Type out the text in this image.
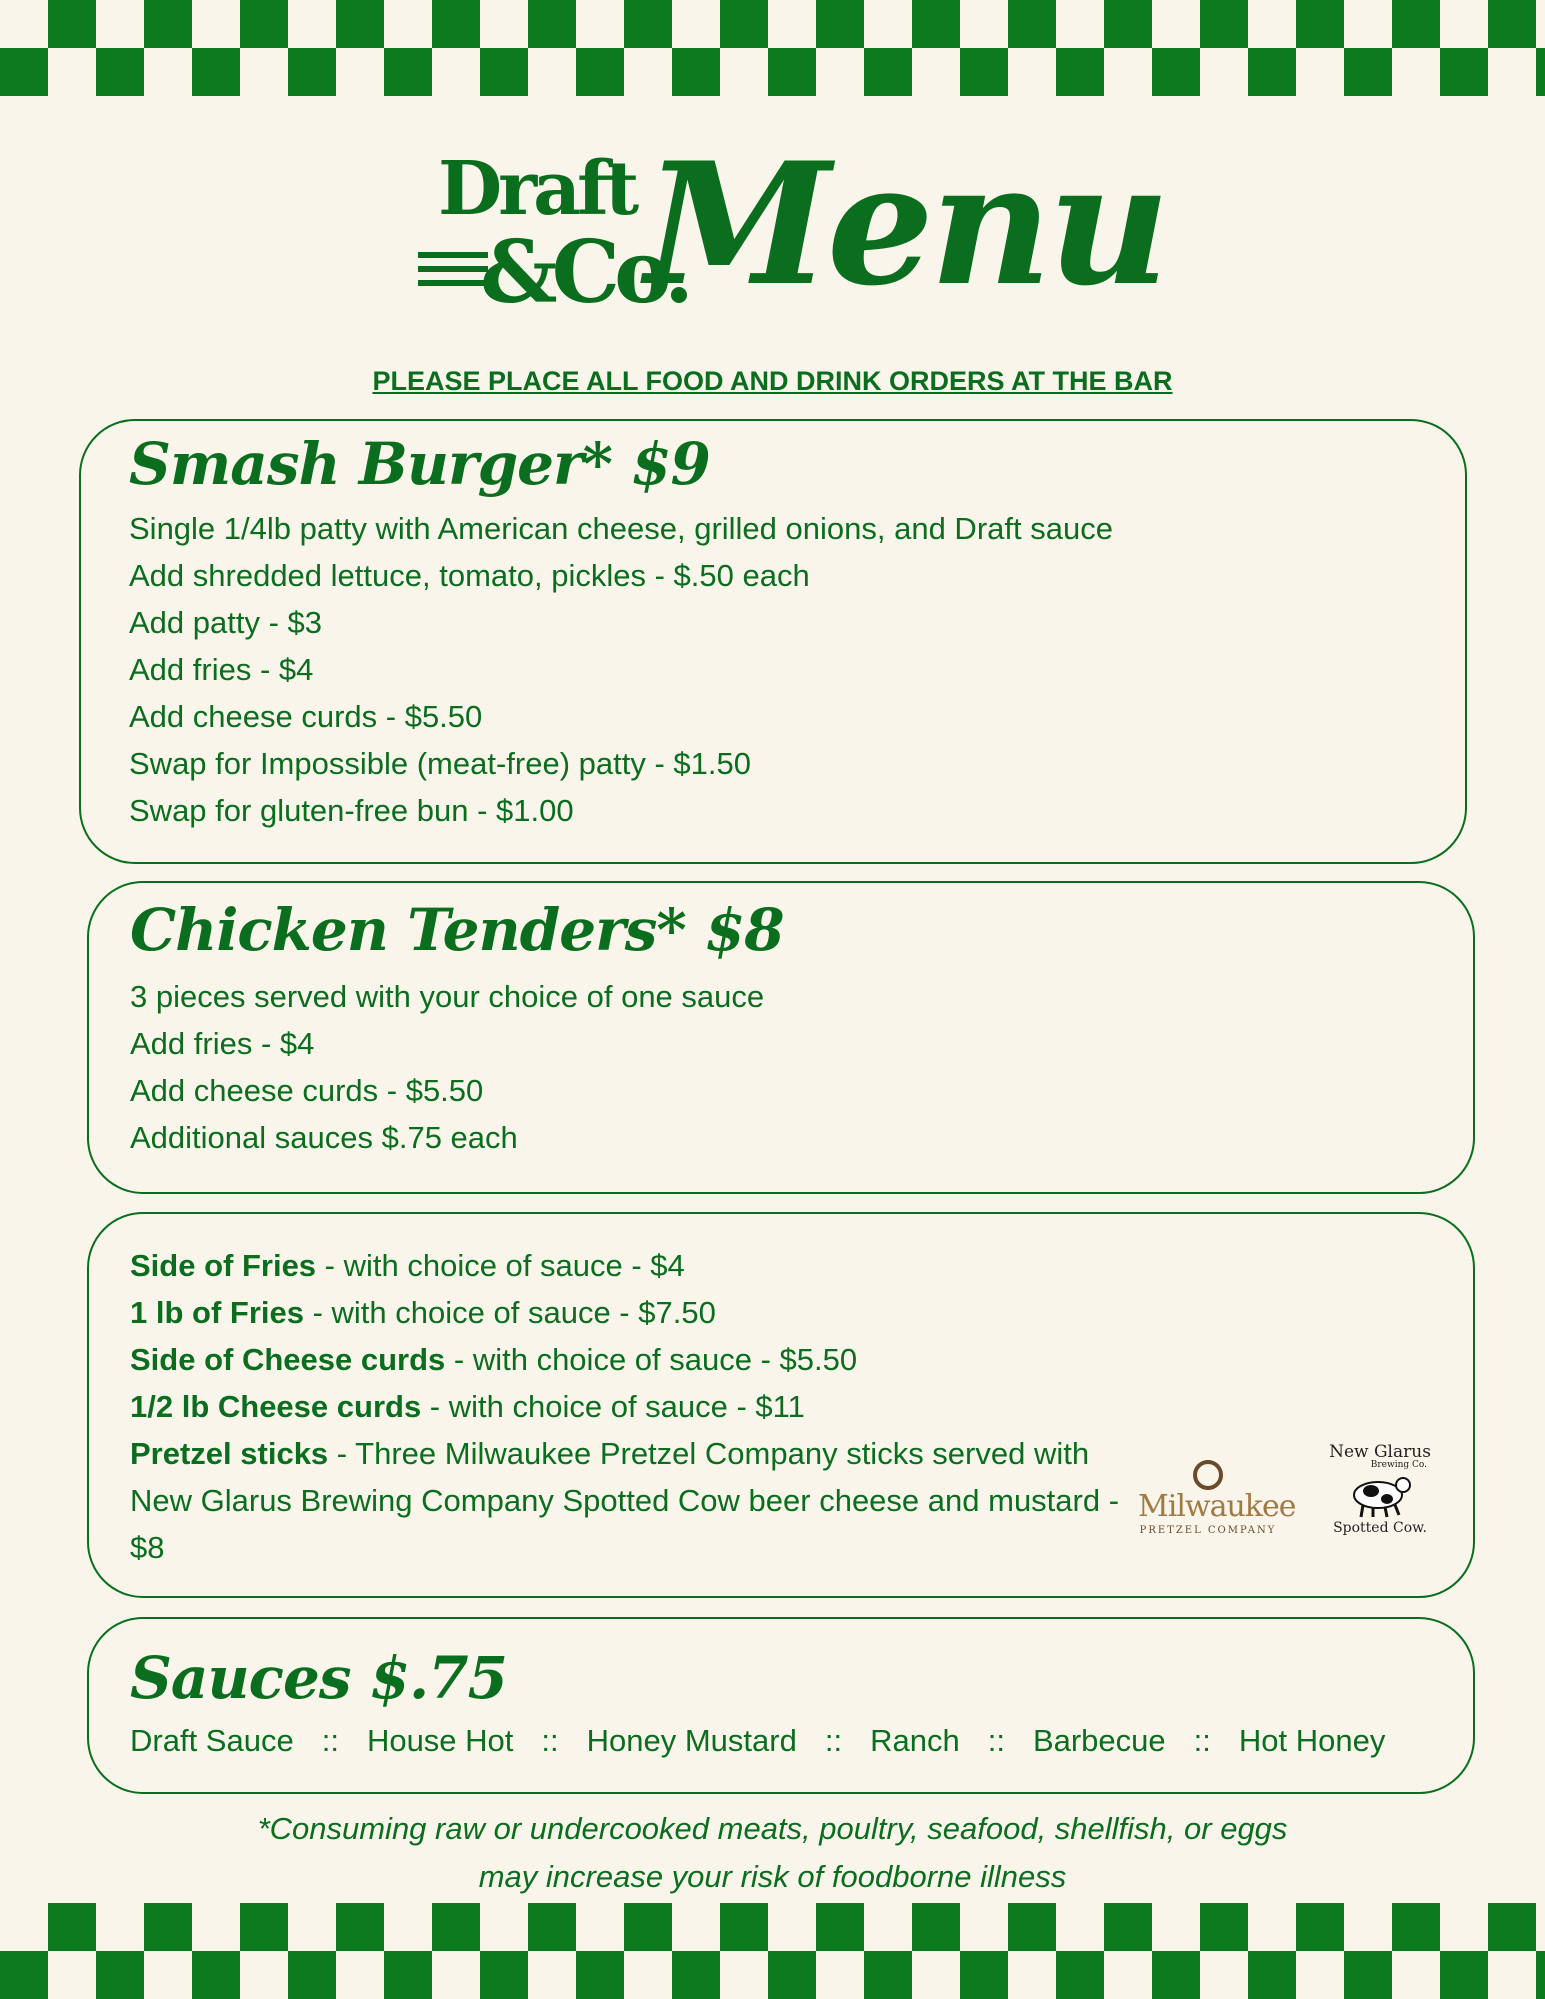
Draft
&Co.
Menu
PLEASE PLACE ALL FOOD AND DRINK ORDERS AT THE BAR
Smash Burger* $9
Single 1/4lb patty with American cheese, grilled onions, and Draft sauce
Add shredded lettuce, tomato, pickles - $.50 each
Add patty - $3
Add fries - $4
Add cheese curds - $5.50
Swap for Impossible (meat-free) patty - $1.50
Swap for gluten-free bun - $1.00
Chicken Tenders* $8
3 pieces served with your choice of one sauce
Add fries - $4
Add cheese curds - $5.50
Additional sauces $.75 each
Side of Fries - with choice of sauce - $4
1 lb of Fries - with choice of sauce - $7.50
Side of Cheese curds - with choice of sauce - $5.50
1/2 lb Cheese curds - with choice of sauce - $11
Pretzel sticks - Three Milwaukee Pretzel Company sticks served with New Glarus Brewing Company Spotted Cow beer cheese and mustard - $8
Milwaukee
PRETZEL COMPANY
New Glarus
Brewing Co.
Spotted Cow.
Sauces $.75
Draft Sauce :: House Hot :: Honey Mustard :: Ranch :: Barbecue :: Hot Honey
*Consuming raw or undercooked meats, poultry, seafood, shellfish, or eggs
may increase your risk of foodborne illness
